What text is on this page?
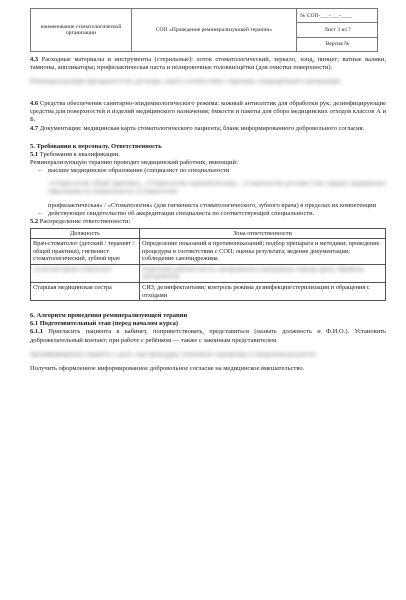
наименование стоматологической организации	СОП «Проведение реминерализующей терапии»	№ СОП-___-___-____
Лист 3 из 7
Версия №

4.3 Расходные материалы и инструменты (стерильные): лоток стоматологический, зеркало, зонд, пинцет; ватные валики, тампоны, аппликаторы; профилактическая паста и полировочные головки/щётки (для очистки поверхности).

Реминерализующие препараты (гели, растворы, лаки) в соответствии с перечнем, утверждённым в организации.

4.6 Средства обеспечения санитарно-эпидемиологического режима: кожный антисептик для обработки рук; дезинфицирующие средства для поверхностей и изделий медицинского назначения; ёмкости и пакеты для сбора медицинских отходов классов А и Б.

4.7 Документация: медицинская карта стоматологического пациента; бланк информированного добровольного согласия.

5. Требования к персоналу. Ответственность

5.1 Требования к квалификации.

Реминерализующую терапию проводит медицинский работник, имеющий:

– высшее медицинское образование (специалист по специальности
«Стоматология общей практики», «Стоматология терапевтическая», «Стоматология детская») или среднее медицинское образование по специальности «Стоматология
профилактическая» / «Стоматология» (для гигиениста стоматологического, зубного врача) в пределах их компетенции
– действующее свидетельство об аккредитации специалиста по соответствующей специальности.

5.2 Распределение ответственности:

Должность	Зона ответственности
Врач-стоматолог (детский / терапевт / общей практики), гигиенист стоматологический, зубной врач	Определение показаний и противопоказаний; подбор препарата и методики; проведение процедуры в соответствии с СОП; оценка результата; ведение документации; соблюдение санэпидрежима
Ассистент врача-стоматолога	Подготовка рабочего места, инструментов и материалов; помощь врачу; обработка инструментов
Старшая медицинская сестра	СИЗ, дезинфектантами; контроль режима дезинфекции/стерилизации и обращения с отходами

6. Алгоритм проведения реминерализующей терапии

6.1 Подготовительный этап (перед началом курса)

6.1.1 Пригласить пациента в кабинет, поприветствовать, представиться (назвать должность и Ф.И.О.). Установить доброжелательный контакт; при работе с ребёнком — также с законным представителем.

Проинформировать пациента о цели, ходе процедуры, возможных ощущениях и ожидаемом результате.

Получить оформленное информированное добровольное согласие на медицинское вмешательство.
